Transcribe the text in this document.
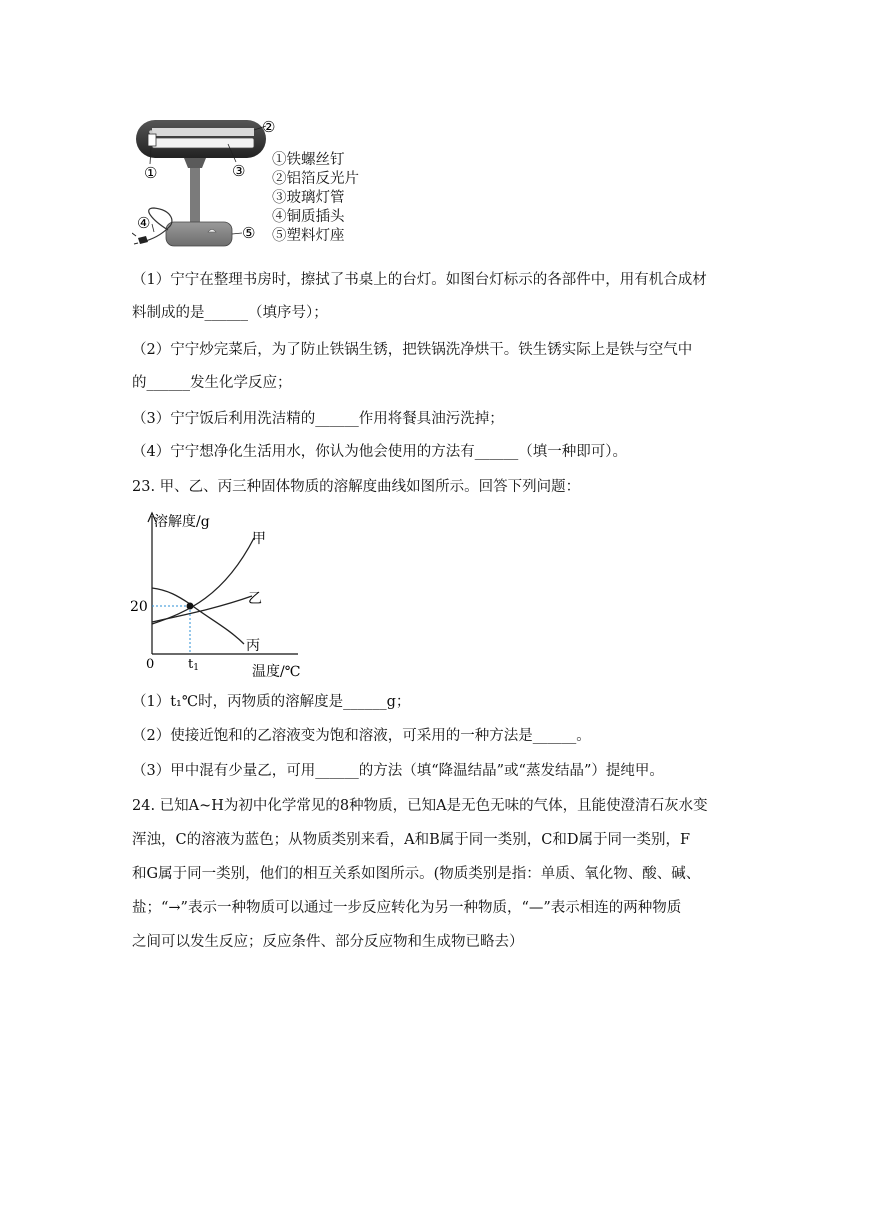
①
②
③
④
⑤
①铁螺丝钉
②铝箔反光片
③玻璃灯管
④铜质插头
⑤塑料灯座
（1）宁宁在整理书房时，擦拭了书桌上的台灯。如图台灯标示的各部件中，用有机合成材
料制成的是______（填序号）；
（2）宁宁炒完菜后，为了防止铁锅生锈，把铁锅洗净烘干。铁生锈实际上是铁与空气中
的______发生化学反应；
（3）宁宁饭后利用洗洁精的______作用将餐具油污洗掉；
（4）宁宁想净化生活用水，你认为他会使用的方法有______（填一种即可）。
23. 甲、乙、丙三种固体物质的溶解度曲线如图所示。回答下列问题：
溶解度/g
温度/℃
0
20
t1
甲
乙
丙
（1）t₁℃时，丙物质的溶解度是______g；
（2）使接近饱和的乙溶液变为饱和溶液，可采用的一种方法是______。
（3）甲中混有少量乙，可用______的方法（填“降温结晶”或“蒸发结晶”）提纯甲。
24. 已知A~H为初中化学常见的8种物质，已知A是无色无味的气体，且能使澄清石灰水变
浑浊，C的溶液为蓝色；从物质类别来看，A和B属于同一类别，C和D属于同一类别，F
和G属于同一类别，他们的相互关系如图所示。(物质类别是指：单质、氧化物、酸、碱、
盐；“→”表示一种物质可以通过一步反应转化为另一种物质，“—”表示相连的两种物质
之间可以发生反应；反应条件、部分反应物和生成物已略去）
